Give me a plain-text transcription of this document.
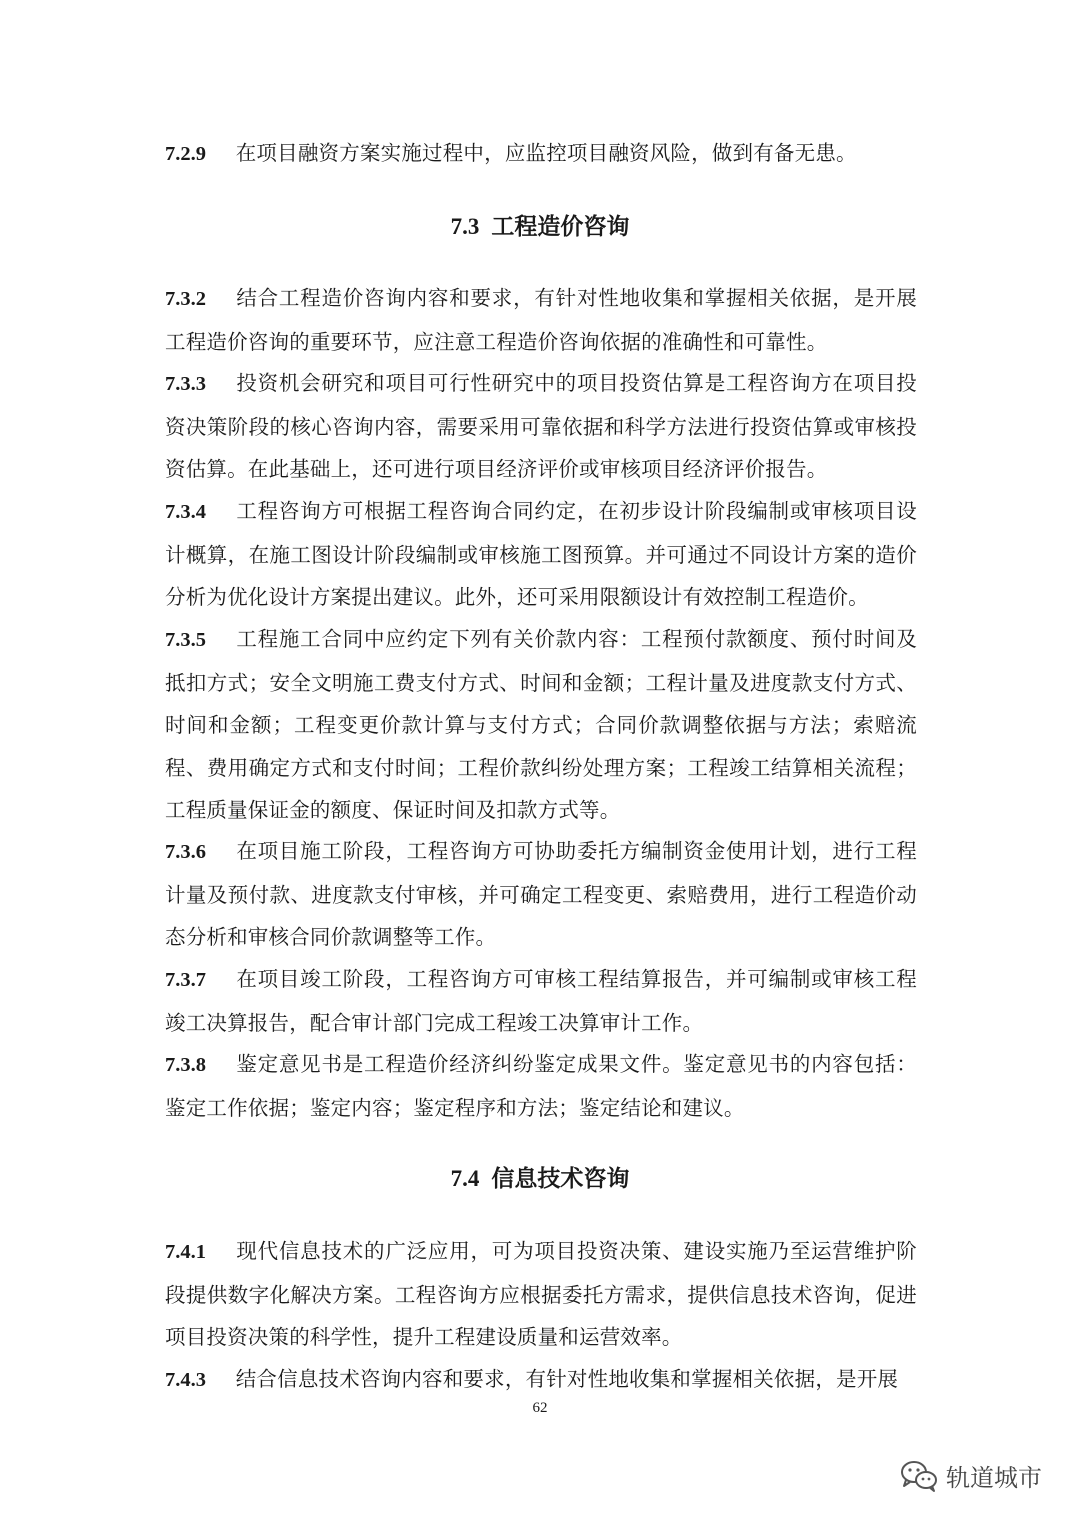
7.2.9 在项目融资方案实施过程中，应监控项目融资风险，做到有备无患。

7.3 工程造价咨询

7.3.2 结合工程造价咨询内容和要求，有针对性地收集和掌握相关依据，是开展工程造价咨询的重要环节，应注意工程造价咨询依据的准确性和可靠性。

7.3.3 投资机会研究和项目可行性研究中的项目投资估算是工程咨询方在项目投资决策阶段的核心咨询内容，需要采用可靠依据和科学方法进行投资估算或审核投资估算。在此基础上，还可进行项目经济评价或审核项目经济评价报告。

7.3.4 工程咨询方可根据工程咨询合同约定，在初步设计阶段编制或审核项目设计概算，在施工图设计阶段编制或审核施工图预算。并可通过不同设计方案的造价分析为优化设计方案提出建议。此外，还可采用限额设计有效控制工程造价。

7.3.5 工程施工合同中应约定下列有关价款内容：工程预付款额度、预付时间及抵扣方式；安全文明施工费支付方式、时间和金额；工程计量及进度款支付方式、时间和金额；工程变更价款计算与支付方式；合同价款调整依据与方法；索赔流程、费用确定方式和支付时间；工程价款纠纷处理方案；工程竣工结算相关流程；工程质量保证金的额度、保证时间及扣款方式等。

7.3.6 在项目施工阶段，工程咨询方可协助委托方编制资金使用计划，进行工程计量及预付款、进度款支付审核，并可确定工程变更、索赔费用，进行工程造价动态分析和审核合同价款调整等工作。

7.3.7 在项目竣工阶段，工程咨询方可审核工程结算报告，并可编制或审核工程竣工决算报告，配合审计部门完成工程竣工决算审计工作。

7.3.8 鉴定意见书是工程造价经济纠纷鉴定成果文件。鉴定意见书的内容包括：鉴定工作依据；鉴定内容；鉴定程序和方法；鉴定结论和建议。

7.4 信息技术咨询

7.4.1 现代信息技术的广泛应用，可为项目投资决策、建设实施乃至运营维护阶段提供数字化解决方案。工程咨询方应根据委托方需求，提供信息技术咨询，促进项目投资决策的科学性，提升工程建设质量和运营效率。

7.4.3 结合信息技术咨询内容和要求，有针对性地收集和掌握相关依据，是开展

62

轨道城市
